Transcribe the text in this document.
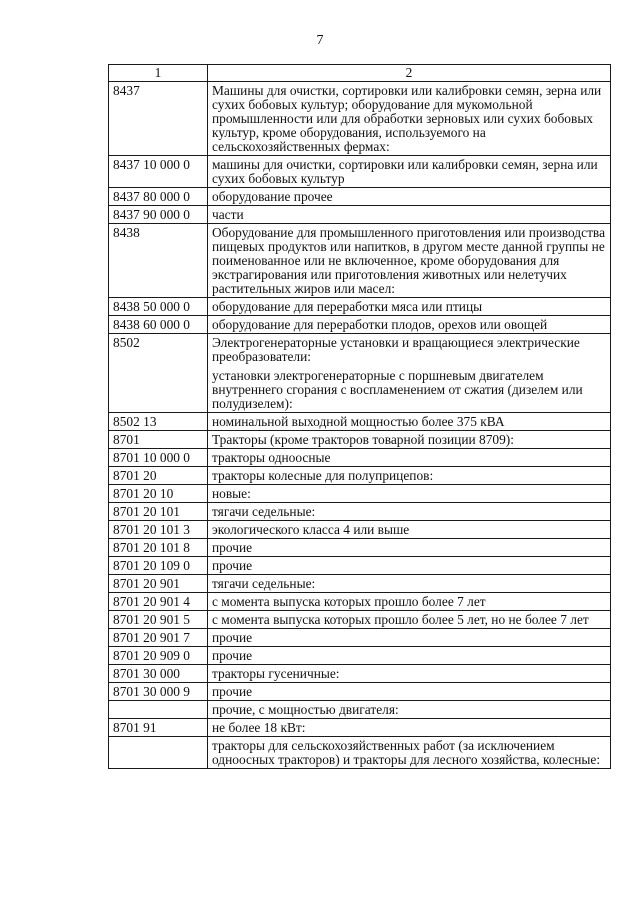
7
1	2
8437	Машины для очистки, сортировки или калибровки семян, зерна или сухих бобовых культур; оборудование для мукомольной промышленности или для обработки зерновых или сухих бобовых культур, кроме оборудования, используемого на сельскохозяйственных фермах:

8437 10 000 0	машины для очистки, сортировки или калибровки семян, зерна или сухих бобовых культур

8437 80 000 0	оборудование прочее

8437 90 000 0	части

8438	Оборудование для промышленного приготовления или производства пищевых продуктов или напитков, в другом месте данной группы не поименованное или не включенное, кроме оборудования для экстрагирования или приготовления животных или нелетучих растительных жиров или масел:

8438 50 000 0	оборудование для переработки мяса или птицы

8438 60 000 0	оборудование для переработки плодов, орехов или овощей

8502	Электрогенераторные установки и вращающиеся электрические преобразователи:
установки электрогенераторные с поршневым двигателем внутреннего сгорания с воспламенением от сжатия (дизелем или полудизелем):

8502 13	номинальной выходной мощностью более 375 кВА

8701	Тракторы (кроме тракторов товарной позиции 8709):

8701 10 000 0	тракторы одноосные

8701 20	тракторы колесные для полуприцепов:

8701 20 10	новые:

8701 20 101	тягачи седельные:

8701 20 101 3	экологического класса 4 или выше

8701 20 101 8	прочие

8701 20 109 0	прочие

8701 20 901	тягачи седельные:

8701 20 901 4	с момента выпуска которых прошло более 7 лет

8701 20 901 5	с момента выпуска которых прошло более 5 лет, но не более 7 лет

8701 20 901 7	прочие

8701 20 909 0	прочие

8701 30 000	тракторы гусеничные:

8701 30 000 9	прочие

	прочие, с мощностью двигателя:

8701 91	не более 18 кВт:

	тракторы для сельскохозяйственных работ (за исключением одноосных тракторов) и тракторы для лесного хозяйства, колесные:
